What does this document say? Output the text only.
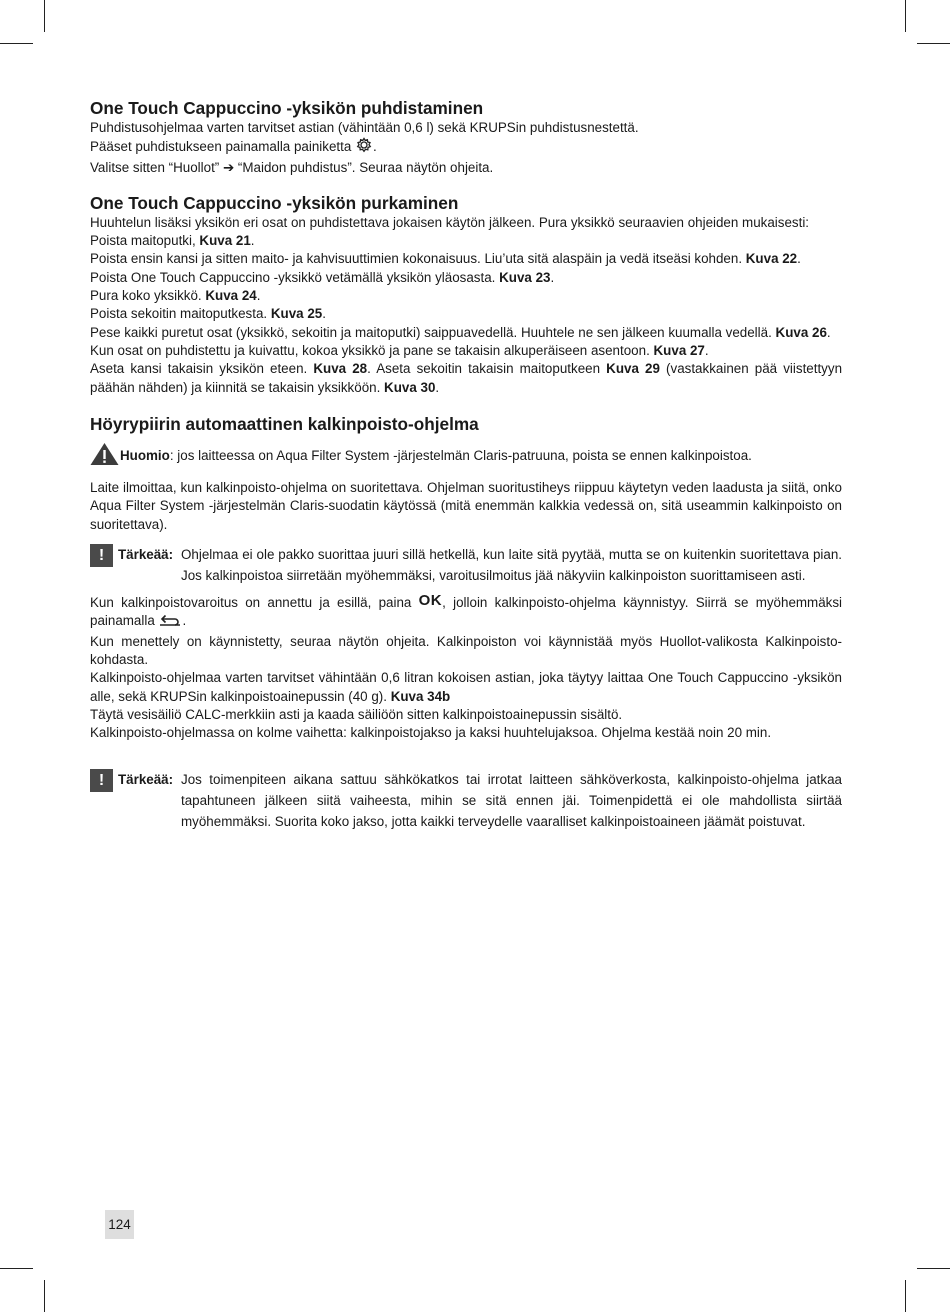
One Touch Cappuccino -yksikön puhdistaminen

Puhdistusohjelmaa varten tarvitset astian (vähintään 0,6 l) sekä KRUPSin puhdistusnestettä.

Pääset puhdistukseen painamalla painiketta .

Valitse sitten “Huollot” ➔ “Maidon puhdistus”. Seuraa näytön ohjeita.

One Touch Cappuccino -yksikön purkaminen

Huuhtelun lisäksi yksikön eri osat on puhdistettava jokaisen käytön jälkeen. Pura yksikkö seuraavien ohjeiden mukaisesti:

Poista maitoputki, Kuva 21.

Poista ensin kansi ja sitten maito- ja kahvisuuttimien kokonaisuus. Liu’uta sitä alaspäin ja vedä itseäsi kohden. Kuva 22.

Poista One Touch Cappuccino -yksikkö vetämällä yksikön yläosasta. Kuva 23.

Pura koko yksikkö. Kuva 24.

Poista sekoitin maitoputkesta. Kuva 25.

Pese kaikki puretut osat (yksikkö, sekoitin ja maitoputki) saippuavedellä. Huuhtele ne sen jälkeen kuumalla vedellä. Kuva 26.

Kun osat on puhdistettu ja kuivattu, kokoa yksikkö ja pane se takaisin alkuperäiseen asentoon. Kuva 27.

Aseta kansi takaisin yksikön eteen. Kuva 28. Aseta sekoitin takaisin maitoputkeen Kuva 29 (vastakkainen pää viistettyyn päähän nähden) ja kiinnitä se takaisin yksikköön. Kuva 30.

Höyrypiirin automaattinen kalkinpoisto-ohjelma

Huomio: jos laitteessa on Aqua Filter System -järjestelmän Claris-patruuna, poista se ennen kalkinpoistoa.

Laite ilmoittaa, kun kalkinpoisto-ohjelma on suoritettava. Ohjelman suoritustiheys riippuu käytetyn veden laadusta ja siitä, onko Aqua Filter System -järjestelmän Claris-suodatin käytössä (mitä enemmän kalkkia vedessä on, sitä useammin kalkinpoisto on suoritettava).

!	Tärkeää: Ohjelmaa ei ole pakko suorittaa juuri sillä hetkellä, kun laite sitä pyytää, mutta se on kuitenkin suoritettava pian. Jos kalkinpoistoa siirretään myöhemmäksi, varoitusilmoitus jää näkyviin kalkinpoiston suorittamiseen asti.

Kun kalkinpoistovaroitus on annettu ja esillä, paina OK, jolloin kalkinpoisto-ohjelma käynnistyy. Siirrä se myöhemmäksi painamalla .

Kun menettely on käynnistetty, seuraa näytön ohjeita. Kalkinpoiston voi käynnistää myös Huollot-valikosta Kalkinpoisto-kohdasta.

Kalkinpoisto-ohjelmaa varten tarvitset vähintään 0,6 litran kokoisen astian, joka täytyy laittaa One Touch Cappuccino -yksikön alle, sekä KRUPSin kalkinpoistoainepussin (40 g). Kuva 34b

Täytä vesisäiliö CALC-merkkiin asti ja kaada säiliöön sitten kalkinpoistoainepussin sisältö.

Kalkinpoisto-ohjelmassa on kolme vaihetta: kalkinpoistojakso ja kaksi huuhtelujaksoa. Ohjelma kestää noin 20 min.

!	Tärkeää: Jos toimenpiteen aikana sattuu sähkökatkos tai irrotat laitteen sähköverkosta, kalkinpoisto-ohjelma jatkaa tapahtuneen jälkeen siitä vaiheesta, mihin se sitä ennen jäi. Toimenpidettä ei ole mahdollista siirtää myöhemmäksi. Suorita koko jakso, jotta kaikki terveydelle vaaralliset kalkinpoistoaineen jäämät poistuvat.

124
